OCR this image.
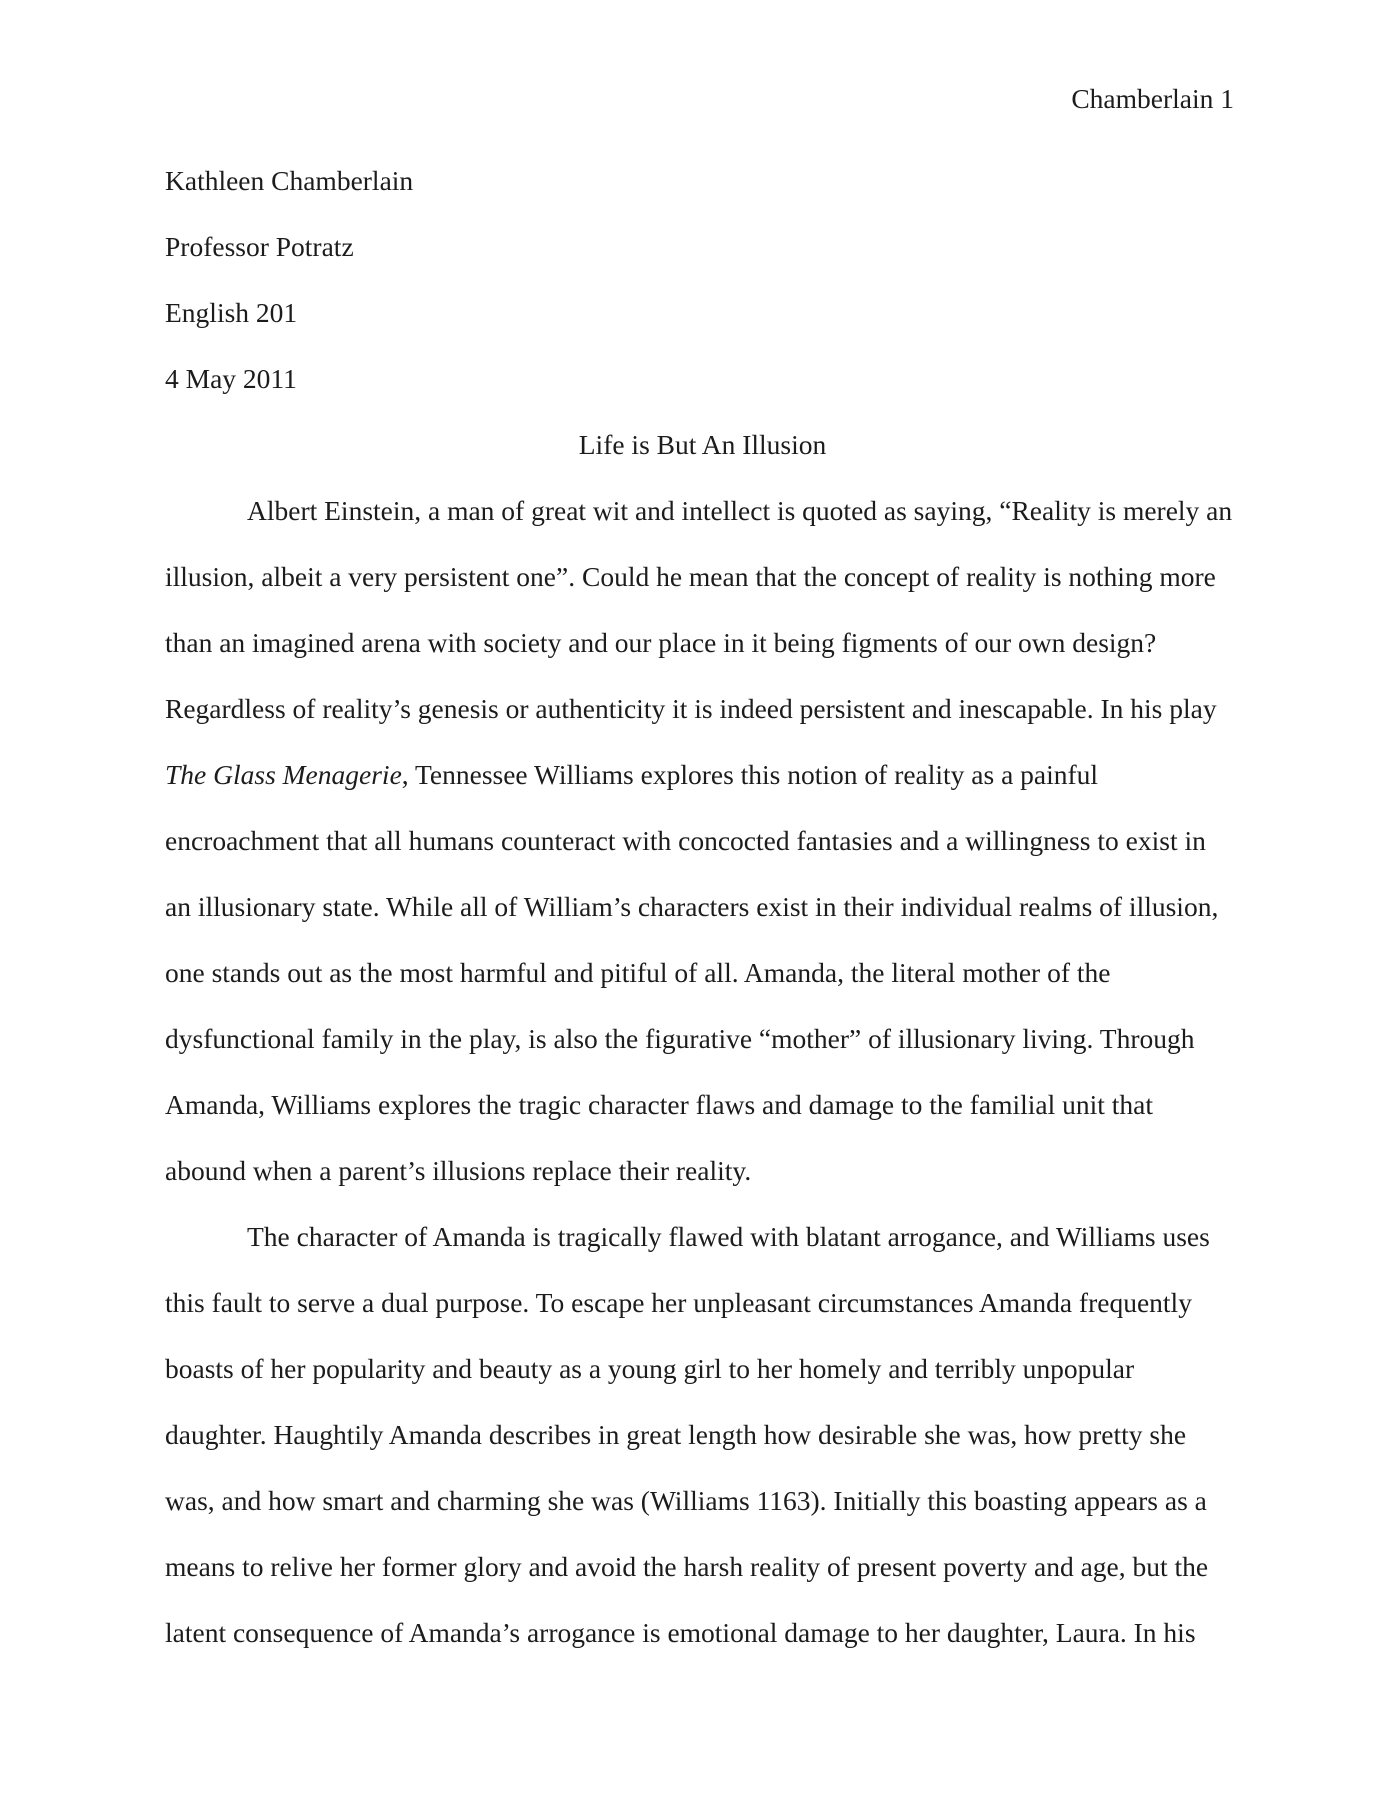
Chamberlain 1
Kathleen Chamberlain
Professor Potratz
English 201
4 May 2011
Life is But An Illusion
Albert Einstein, a man of great wit and intellect is quoted as saying, “Reality is merely an
illusion, albeit a very persistent one”. Could he mean that the concept of reality is nothing more
than an imagined arena with society and our place in it being figments of our own design?
Regardless of reality’s genesis or authenticity it is indeed persistent and inescapable. In his play
The Glass Menagerie, Tennessee Williams explores this notion of reality as a painful
encroachment that all humans counteract with concocted fantasies and a willingness to exist in
an illusionary state. While all of William’s characters exist in their individual realms of illusion,
one stands out as the most harmful and pitiful of all. Amanda, the literal mother of the
dysfunctional family in the play, is also the figurative “mother” of illusionary living. Through
Amanda, Williams explores the tragic character flaws and damage to the familial unit that
abound when a parent’s illusions replace their reality.
The character of Amanda is tragically flawed with blatant arrogance, and Williams uses
this fault to serve a dual purpose. To escape her unpleasant circumstances Amanda frequently
boasts of her popularity and beauty as a young girl to her homely and terribly unpopular
daughter. Haughtily Amanda describes in great length how desirable she was, how pretty she
was, and how smart and charming she was (Williams 1163). Initially this boasting appears as a
means to relive her former glory and avoid the harsh reality of present poverty and age, but the
latent consequence of Amanda’s arrogance is emotional damage to her daughter, Laura. In his
